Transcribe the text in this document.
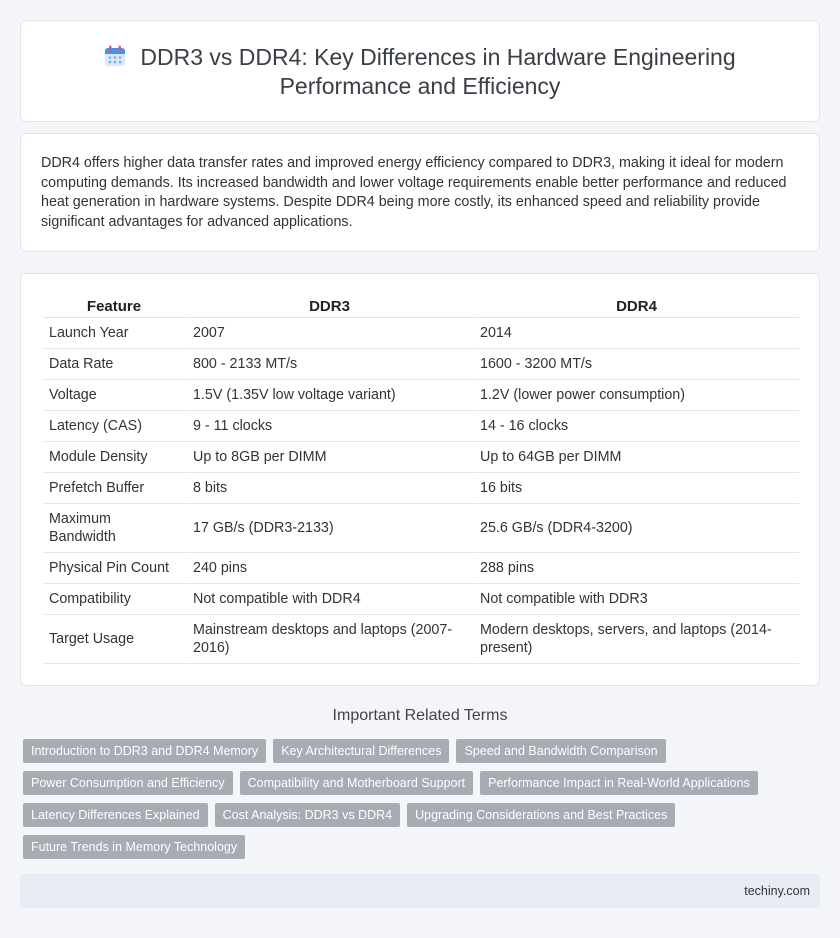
DDR3 vs DDR4: Key Differences in Hardware Engineering
Performance and Efficiency

DDR4 offers higher data transfer rates and improved energy efficiency compared to DDR3, making it ideal for modern computing demands. Its increased bandwidth and lower voltage requirements enable better performance and reduced heat generation in hardware systems. Despite DDR4 being more costly, its enhanced speed and reliability provide significant advantages for advanced applications.

Feature	DDR3	DDR4
Launch Year	2007	2014
Data Rate	800 - 2133 MT/s	1600 - 3200 MT/s
Voltage	1.5V (1.35V low voltage variant)	1.2V (lower power consumption)
Latency (CAS)	9 - 11 clocks	14 - 16 clocks
Module Density	Up to 8GB per DIMM	Up to 64GB per DIMM
Prefetch Buffer	8 bits	16 bits
Maximum Bandwidth	17 GB/s (DDR3-2133)	25.6 GB/s (DDR4-3200)
Physical Pin Count	240 pins	288 pins
Compatibility	Not compatible with DDR4	Not compatible with DDR3
Target Usage	Mainstream desktops and laptops (2007-2016)	Modern desktops, servers, and laptops (2014-present)
Important Related Terms
Introduction to DDR3 and DDR4 Memory	Key Architectural Differences	Speed and Bandwidth Comparison
Power Consumption and Efficiency	Compatibility and Motherboard Support	Performance Impact in Real-World Applications
Latency Differences Explained	Cost Analysis: DDR3 vs DDR4	Upgrading Considerations and Best Practices
Future Trends in Memory Technology
techiny.com
